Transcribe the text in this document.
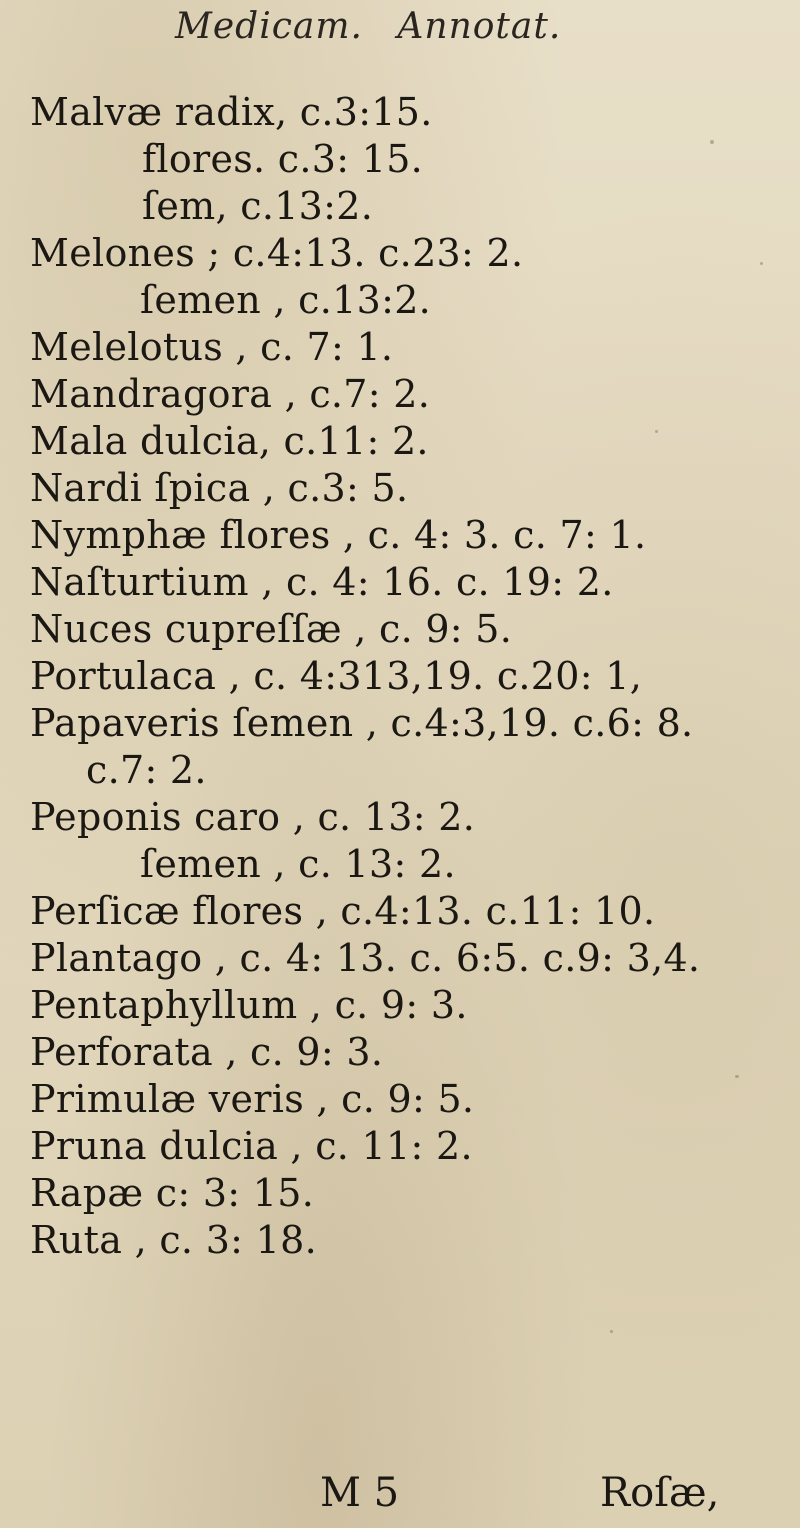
Medicam. Annotat.
Malvæ radix, c.3:15.
flores. c.3: 15.
ſem, c.13:2.
Melones ; c.4:13. c.23: 2.
ſemen , c.13:2.
Melelotus , c. 7: 1.
Mandragora , c.7: 2.
Mala dulcia, c.11: 2.
Nardi ſpica , c.3: 5.
Nymphæ flores , c. 4: 3. c. 7: 1.
Naſturtium , c. 4: 16. c. 19: 2.
Nuces cupreſſæ , c. 9: 5.
Portulaca , c. 4:313,19. c.20: 1,
Papaveris ſemen , c.4:3,19. c.6: 8.
c.7: 2.
Peponis caro , c. 13: 2.
ſemen , c. 13: 2.
Perſicæ flores , c.4:13. c.11: 10.
Plantago , c. 4: 13. c. 6:5. c.9: 3,4.
Pentaphyllum , c. 9: 3.
Perforata , c. 9: 3.
Primulæ veris , c. 9: 5.
Pruna dulcia , c. 11: 2.
Rapæ c: 3: 15.
Ruta , c. 3: 18.
M 5	Roſæ,
